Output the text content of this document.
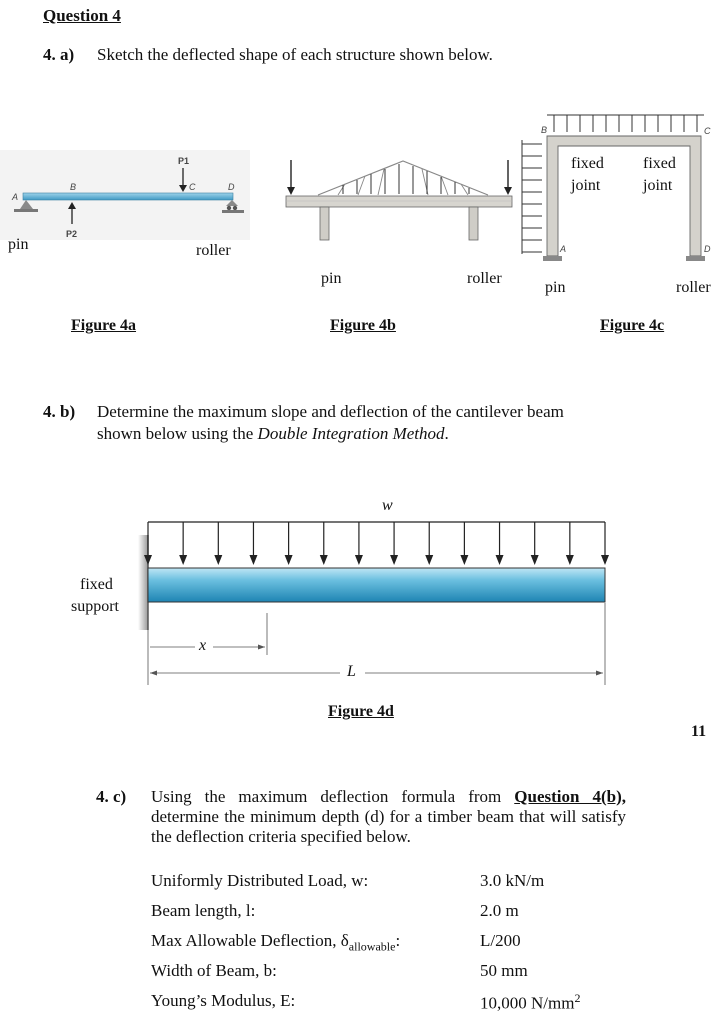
Question 4
4. a) Sketch the deflected shape of each structure shown below.
A
B	C	D
P1
P2
pin	roller
Figure 4a
pin	roller
Figure 4b
B	C
A	D
fixed
joint
fixed
joint
pin	roller
Figure 4c
4. b) Determine the maximum slope and deflection of the cantilever beam
shown below using the Double Integration Method.
w
fixed
support
x
L
Figure 4d
11
4. c) Using the maximum deflection formula from Question 4(b), determine the minimum depth (d) for a timber beam that will satisfy the deflection criteria specified below.
Uniformly Distributed Load, w:	3.0 kN/m
Beam length, l:	2.0 m
Max Allowable Deflection, $\delta_{allowable}$:	L/200
Width of Beam, b:	50 mm
Young’s Modulus, E:	10,000 $N/mm^2$
